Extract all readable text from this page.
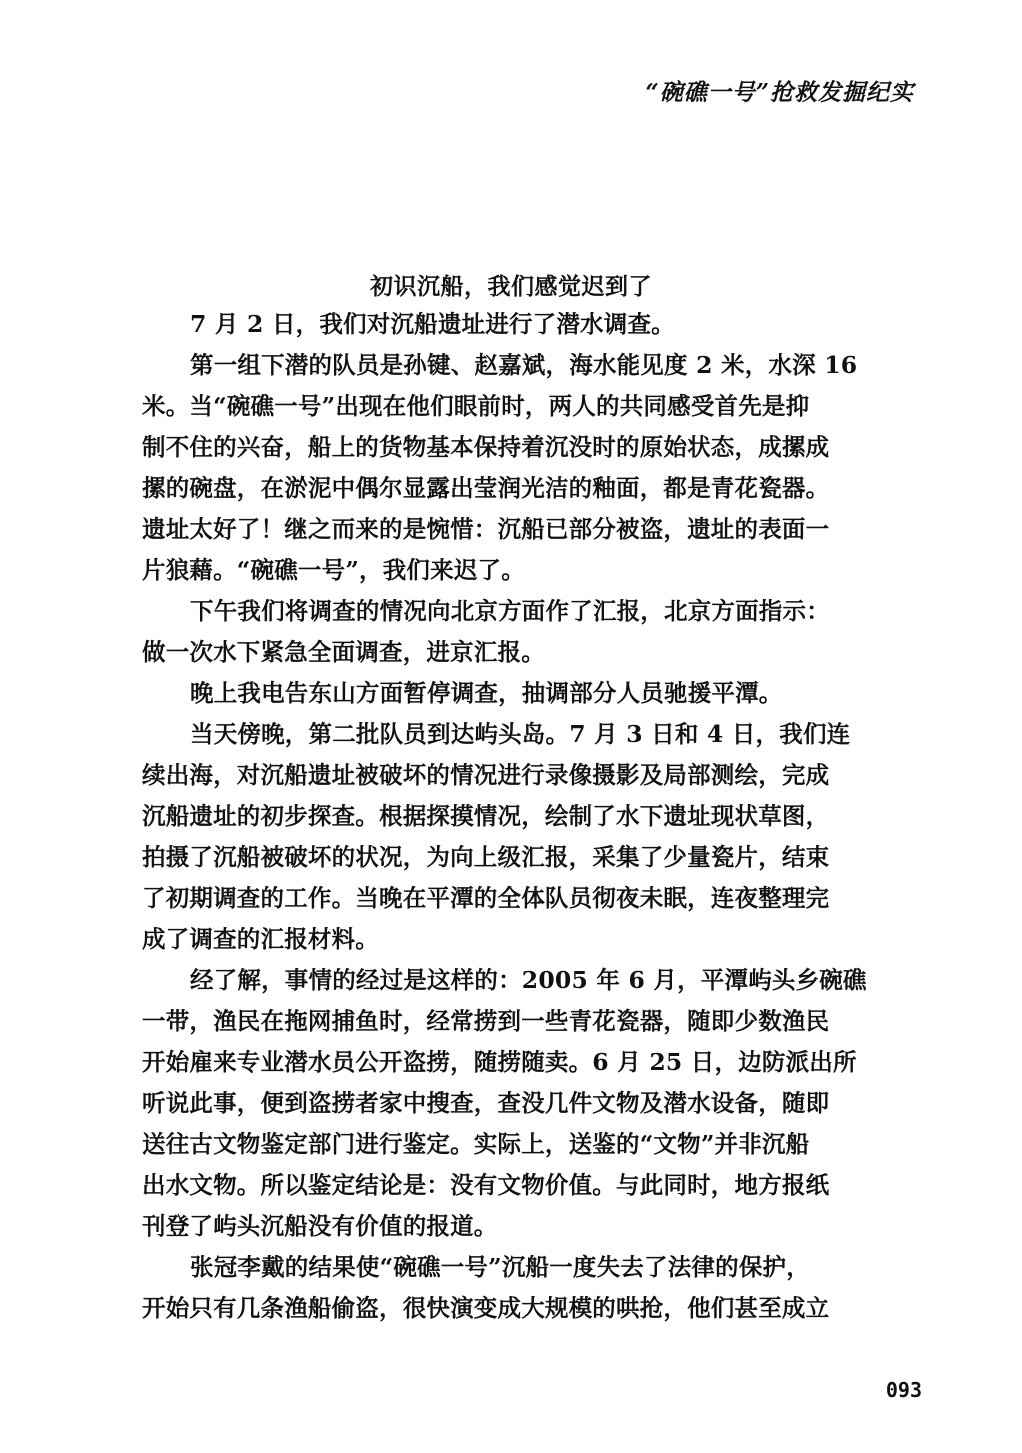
“碗礁一号”抢救发掘纪实
初识沉船，我们感觉迟到了
7 月 2 日，我们对沉船遗址进行了潜水调查。
第一组下潜的队员是孙键、赵嘉斌，海水能见度 2 米，水深 16
米。当“碗礁一号”出现在他们眼前时，两人的共同感受首先是抑
制不住的兴奋，船上的货物基本保持着沉没时的原始状态，成摞成
摞的碗盘，在淤泥中偶尔显露出莹润光洁的釉面，都是青花瓷器。
遗址太好了！继之而来的是惋惜：沉船已部分被盗，遗址的表面一
片狼藉。“碗礁一号”，我们来迟了。
下午我们将调查的情况向北京方面作了汇报，北京方面指示：
做一次水下紧急全面调查，进京汇报。
晚上我电告东山方面暂停调查，抽调部分人员驰援平潭。
当天傍晚，第二批队员到达屿头岛。7 月 3 日和 4 日，我们连
续出海，对沉船遗址被破坏的情况进行录像摄影及局部测绘，完成
沉船遗址的初步探查。根据探摸情况，绘制了水下遗址现状草图，
拍摄了沉船被破坏的状况，为向上级汇报，采集了少量瓷片，结束
了初期调查的工作。当晚在平潭的全体队员彻夜未眠，连夜整理完
成了调查的汇报材料。
经了解，事情的经过是这样的：2005 年 6 月，平潭屿头乡碗礁
一带，渔民在拖网捕鱼时，经常捞到一些青花瓷器，随即少数渔民
开始雇来专业潜水员公开盗捞，随捞随卖。6 月 25 日，边防派出所
听说此事，便到盗捞者家中搜查，查没几件文物及潜水设备，随即
送往古文物鉴定部门进行鉴定。实际上，送鉴的“文物”并非沉船
出水文物。所以鉴定结论是：没有文物价值。与此同时，地方报纸
刊登了屿头沉船没有价值的报道。
张冠李戴的结果使“碗礁一号”沉船一度失去了法律的保护，
开始只有几条渔船偷盗，很快演变成大规模的哄抢，他们甚至成立
093
